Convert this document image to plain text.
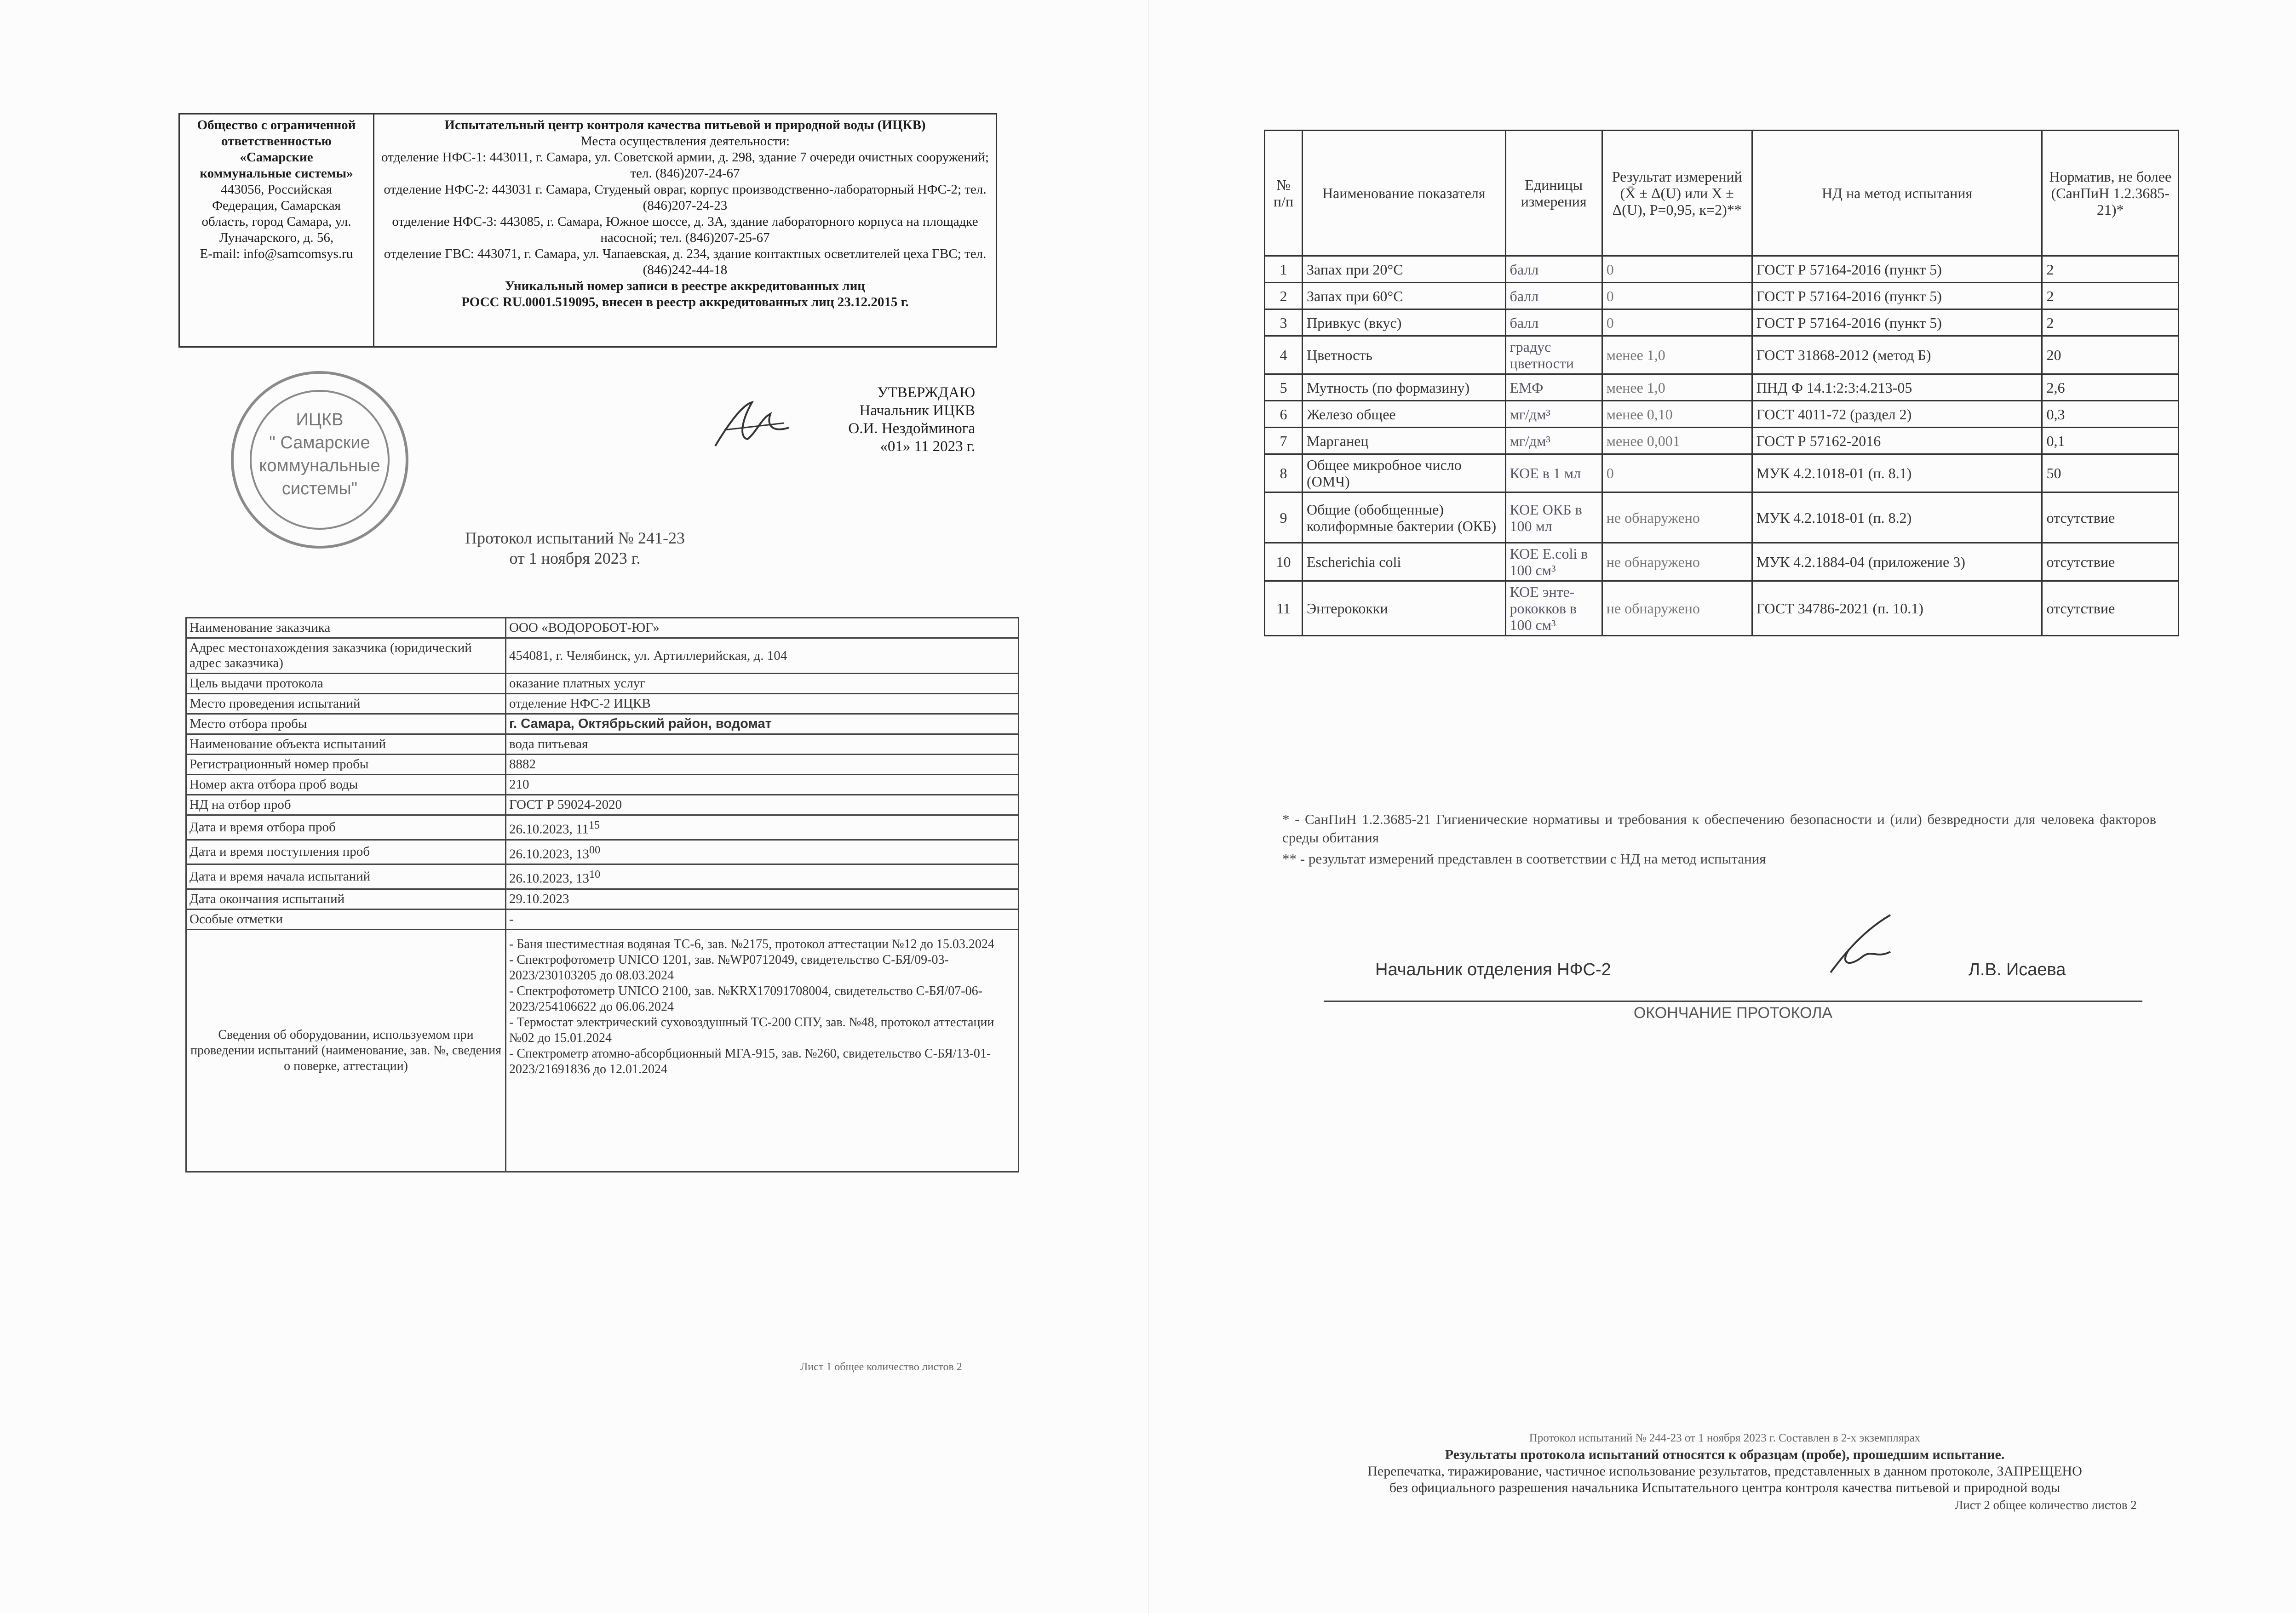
Общество с ограниченной
ответственностью
«Самарские
коммунальные системы»
443056, Российская
Федерация, Самарская
область, город Самара, ул.
Луначарского, д. 56,
E-mail: info@samcomsys.ru

Испытательный центр контроля качества питьевой и природной воды (ИЦКВ)
Места осуществления деятельности:
отделение НФС-1: 443011, г. Самара, ул. Советской армии, д. 298, здание 7 очереди очистных сооружений; тел. (846)207-24-67
отделение НФС-2: 443031 г. Самара, Студеный овраг, корпус производственно-лабораторный НФС-2; тел. (846)207-24-23
отделение НФС-3: 443085, г. Самара, Южное шоссе, д. 3А, здание лабораторного корпуса на площадке насосной; тел. (846)207-25-67
отделение ГВС: 443071, г. Самара, ул. Чапаевская, д. 234, здание контактных осветлителей цеха ГВС; тел. (846)242-44-18
Уникальный номер записи в реестре аккредитованных лиц
РОСС RU.0001.519095, внесен в реестр аккредитованных лиц 23.12.2015 г.
ИЦКВ
" Самарские
коммунальные
системы"
УТВЕРЖДАЮ
Начальник ИЦКВ
О.И. Нездойминога
«01» 11 2023 г.
Протокол испытаний № 241-23
от 1 ноября 2023 г.
Наименование заказчика	ООО «ВОДОРОБОТ-ЮГ»
Адрес местонахождения заказчика (юридический адрес заказчика)	454081, г. Челябинск, ул. Артиллерийская, д. 104
Цель выдачи протокола	оказание платных услуг
Место проведения испытаний	отделение НФС-2 ИЦКВ
Место отбора пробы	г. Самара, Октябрьский район, водомат
Наименование объекта испытаний	вода питьевая
Регистрационный номер пробы	8882
Номер акта отбора проб воды	210
НД на отбор проб	ГОСТ Р 59024-2020
Дата и время отбора проб	26.10.2023, $11^{15}$
Дата и время поступления проб	26.10.2023, $13^{00}$
Дата и время начала испытаний	26.10.2023, $13^{10}$
Дата окончания испытаний	29.10.2023
Особые отметки	-
Сведения об оборудовании, используемом при проведении испытаний (наименование, зав. №, сведения о поверке, аттестации)	- Баня шестиместная водяная ТС-6, зав. №2175, протокол аттестации №12 до 15.03.2024
- Спектрофотометр UNICO 1201, зав. №WP0712049, свидетельство С-БЯ/09-03-2023/230103205 до 08.03.2024
- Спектрофотометр UNICO 2100, зав. №KRX17091708004, свидетельство С-БЯ/07-06-2023/254106622 до 06.06.2024
- Термостат электрический суховоздушный ТС-200 СПУ, зав. №48, протокол аттестации №02 до 15.01.2024
- Спектрометр атомно-абсорбционный МГА-915, зав. №260, свидетельство С-БЯ/13-01-2023/21691836 до 12.01.2024
Лист 1 общее количество листов 2
№ п/п	Наименование показателя	Единицы измерения	Результат измерений (X̄ ± Δ(U) или X ± Δ(U), P=0,95, к=2)**	НД на метод испытания	Норматив, не более (СанПиН 1.2.3685-21)*
1	Запах при 20°С	балл	0	ГОСТ Р 57164-2016 (пункт 5)	2
2	Запах при 60°С	балл	0	ГОСТ Р 57164-2016 (пункт 5)	2
3	Привкус (вкус)	балл	0	ГОСТ Р 57164-2016 (пункт 5)	2
4	Цветность	градус цветности	менее 1,0	ГОСТ 31868-2012 (метод Б)	20
5	Мутность (по формазину)	ЕМФ	менее 1,0	ПНД Ф 14.1:2:3:4.213-05	2,6
6	Железо общее	мг/дм³	менее 0,10	ГОСТ 4011-72 (раздел 2)	0,3
7	Марганец	мг/дм³	менее 0,001	ГОСТ Р 57162-2016	0,1
8	Общее микробное число (ОМЧ)	КОЕ в 1 мл	0	МУК 4.2.1018-01 (п. 8.1)	50
9	Общие (обобщенные) колиформные бактерии (ОКБ)	КОЕ ОКБ в 100 мл	не обнаружено	МУК 4.2.1018-01 (п. 8.2)	отсутствие
10	Escherichia coli	КОЕ E.coli в 100 см³	не обнаружено	МУК 4.2.1884-04 (приложение 3)	отсутствие
11	Энтерококки	КОЕ энте-рококков в 100 см³	не обнаружено	ГОСТ 34786-2021 (п. 10.1)	отсутствие
* - СанПиН 1.2.3685-21 Гигиенические нормативы и требования к обеспечению безопасности и (или) безвредности для человека факторов среды обитания
** - результат измерений представлен в соответствии с НД на метод испытания
Начальник отделения НФС-2	Л.В. Исаева
ОКОНЧАНИЕ ПРОТОКОЛА
Протокол испытаний № 244-23 от 1 ноября 2023 г. Составлен в 2-х экземплярах
Результаты протокола испытаний относятся к образцам (пробе), прошедшим испытание.
Перепечатка, тиражирование, частичное использование результатов, представленных в данном протоколе, ЗАПРЕЩЕНО
без официального разрешения начальника Испытательного центра контроля качества питьевой и природной воды
Лист 2 общее количество листов 2
